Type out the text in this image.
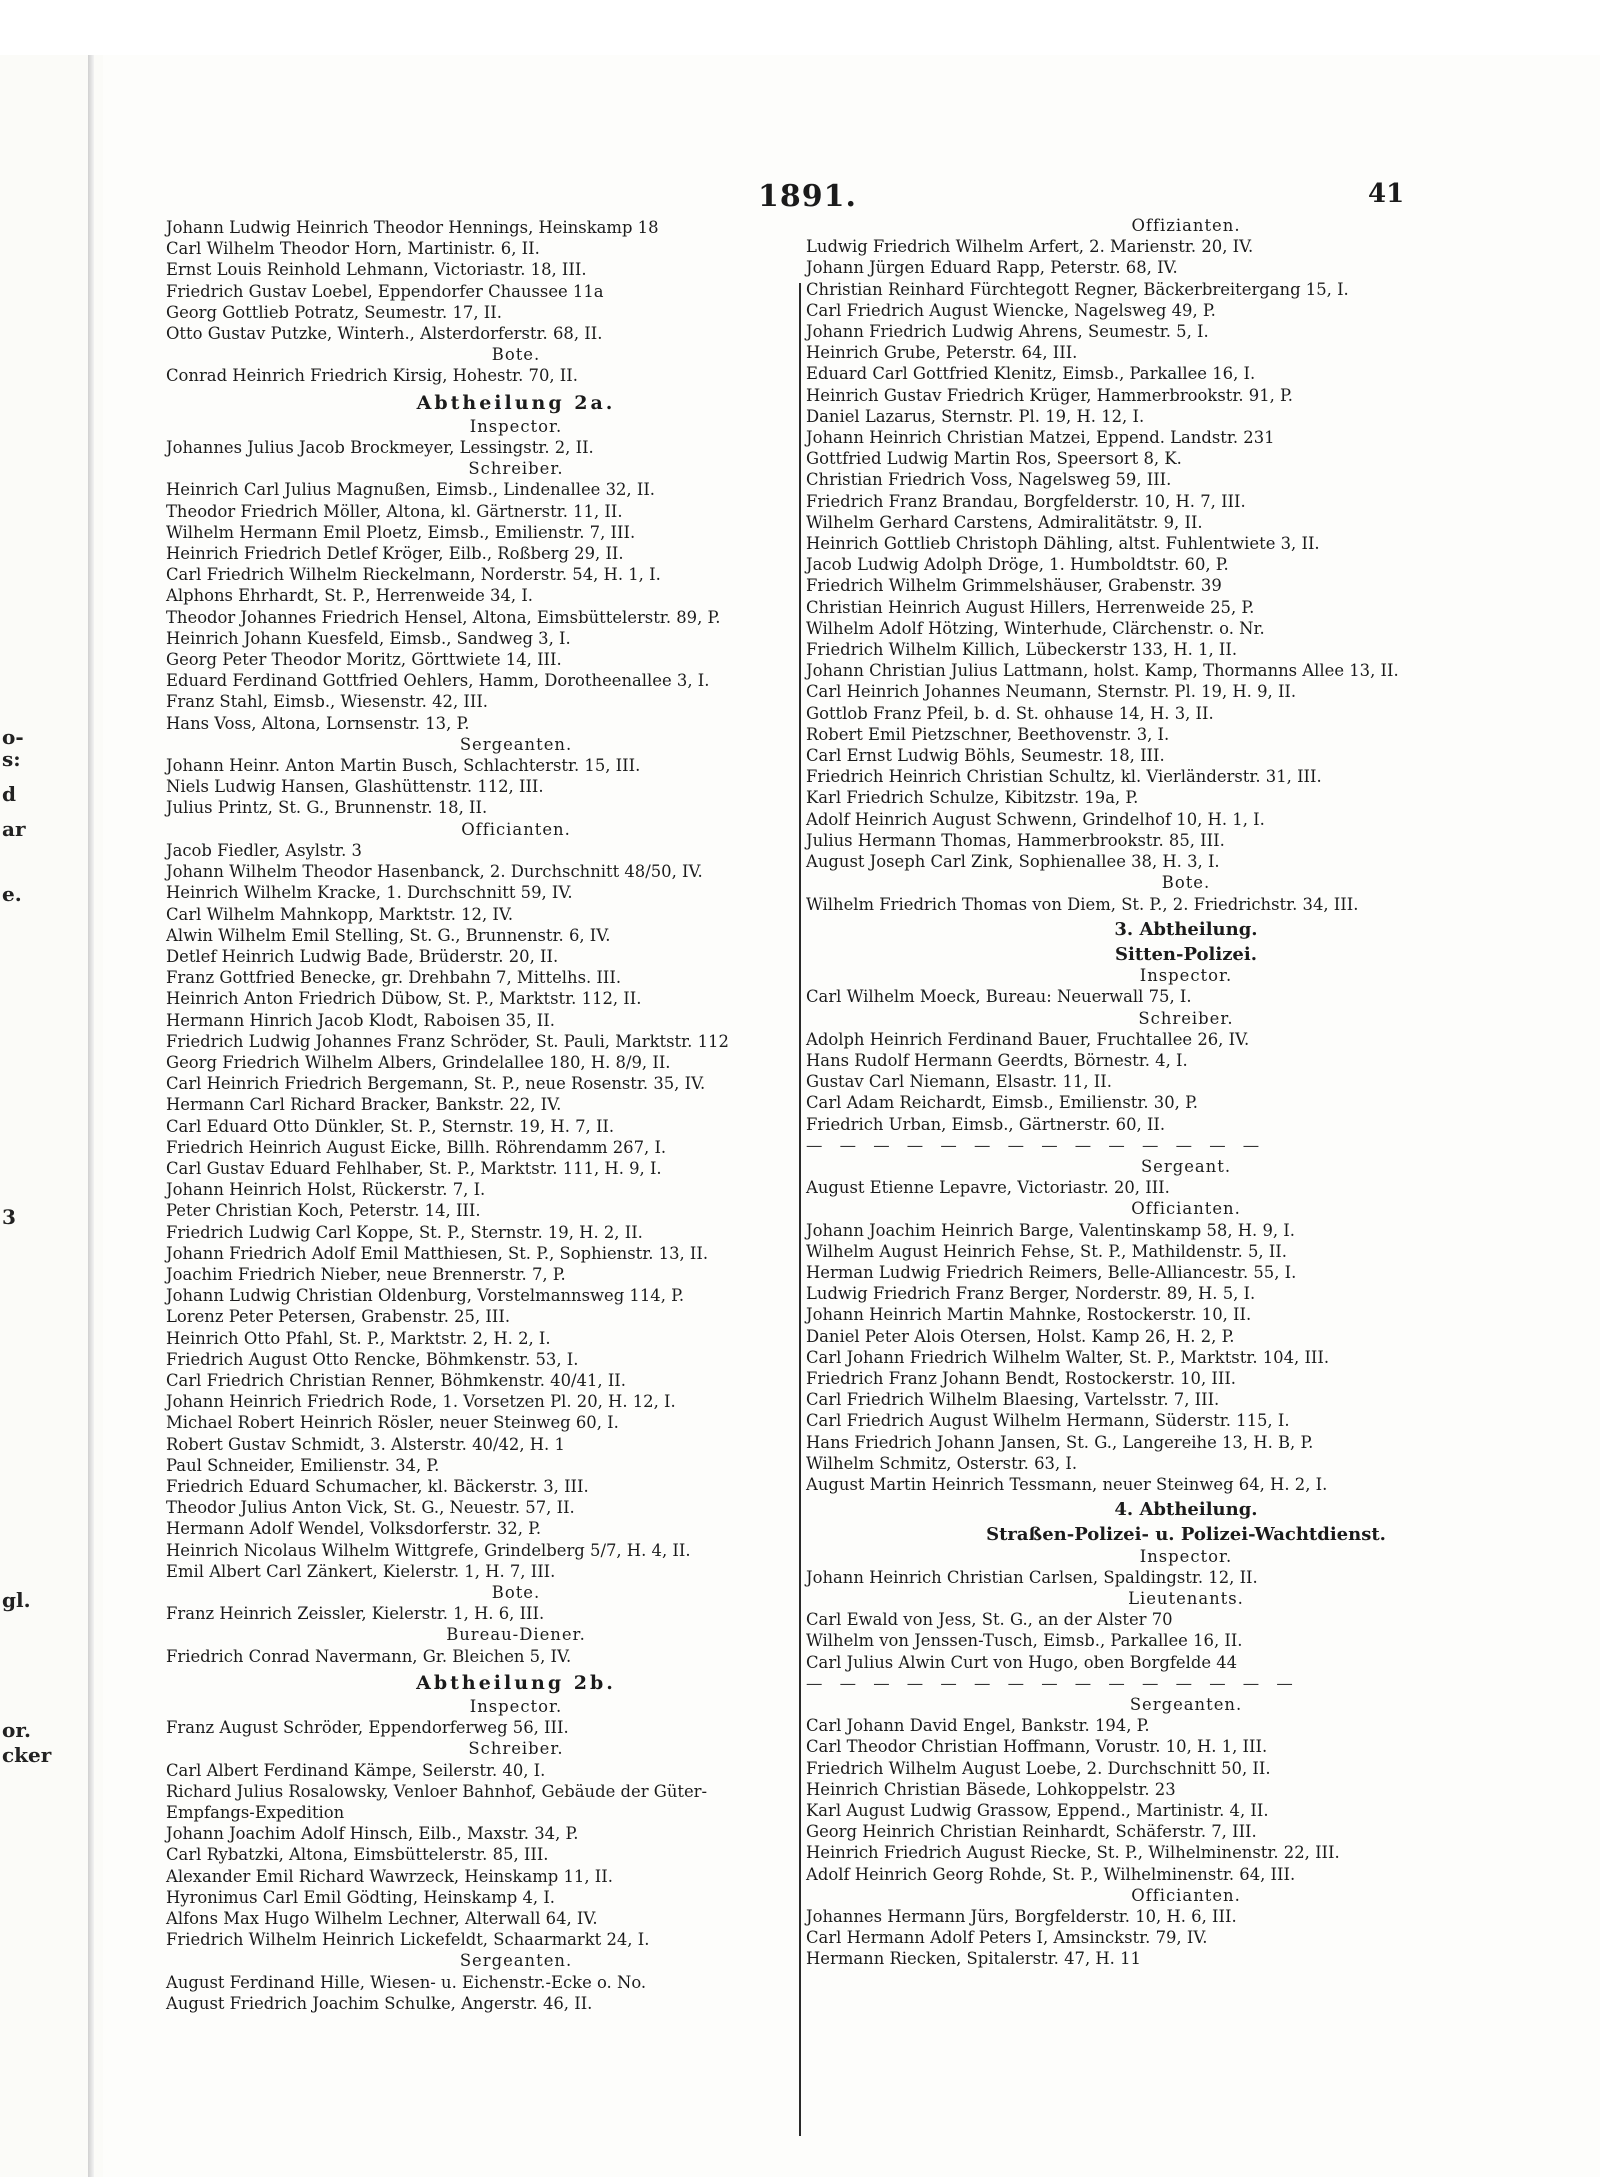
o-
s:
d
ar
e.
3
gl.
or.
cker
1891.	41
Johann Ludwig Heinrich Theodor Hennings, Heinskamp 18
Carl Wilhelm Theodor Horn, Martinistr. 6, II.
Ernst Louis Reinhold Lehmann, Victoriastr. 18, III.
Friedrich Gustav Loebel, Eppendorfer Chaussee 11a
Georg Gottlieb Potratz, Seumestr. 17, II.
Otto Gustav Putzke, Winterh., Alsterdorferstr. 68, II.
Bote.
Conrad Heinrich Friedrich Kirsig, Hohestr. 70, II.
Abtheilung 2a.
Inspector.
Johannes Julius Jacob Brockmeyer, Lessingstr. 2, II.
Schreiber.
Heinrich Carl Julius Magnußen, Eimsb., Lindenallee 32, II.
Theodor Friedrich Möller, Altona, kl. Gärtnerstr. 11, II.
Wilhelm Hermann Emil Ploetz, Eimsb., Emilienstr. 7, III.
Heinrich Friedrich Detlef Kröger, Eilb., Roßberg 29, II.
Carl Friedrich Wilhelm Rieckelmann, Norderstr. 54, H. 1, I.
Alphons Ehrhardt, St. P., Herrenweide 34, I.
Theodor Johannes Friedrich Hensel, Altona, Eimsbüttelerstr. 89, P.
Heinrich Johann Kuesfeld, Eimsb., Sandweg 3, I.
Georg Peter Theodor Moritz, Görttwiete 14, III.
Eduard Ferdinand Gottfried Oehlers, Hamm, Dorotheenallee 3, I.
Franz Stahl, Eimsb., Wiesenstr. 42, III.
Hans Voss, Altona, Lornsenstr. 13, P.
Sergeanten.
Johann Heinr. Anton Martin Busch, Schlachterstr. 15, III.
Niels Ludwig Hansen, Glashüttenstr. 112, III.
Julius Printz, St. G., Brunnenstr. 18, II.
Officianten.
Jacob Fiedler, Asylstr. 3
Johann Wilhelm Theodor Hasenbanck, 2. Durchschnitt 48/50, IV.
Heinrich Wilhelm Kracke, 1. Durchschnitt 59, IV.
Carl Wilhelm Mahnkopp, Marktstr. 12, IV.
Alwin Wilhelm Emil Stelling, St. G., Brunnenstr. 6, IV.
Detlef Heinrich Ludwig Bade, Brüderstr. 20, II.
Franz Gottfried Benecke, gr. Drehbahn 7, Mittelhs. III.
Heinrich Anton Friedrich Dübow, St. P., Marktstr. 112, II.
Hermann Hinrich Jacob Klodt, Raboisen 35, II.
Friedrich Ludwig Johannes Franz Schröder, St. Pauli, Marktstr. 112
Georg Friedrich Wilhelm Albers, Grindelallee 180, H. 8/9, II.
Carl Heinrich Friedrich Bergemann, St. P., neue Rosenstr. 35, IV.
Hermann Carl Richard Bracker, Bankstr. 22, IV.
Carl Eduard Otto Dünkler, St. P., Sternstr. 19, H. 7, II.
Friedrich Heinrich August Eicke, Billh. Röhrendamm 267, I.
Carl Gustav Eduard Fehlhaber, St. P., Marktstr. 111, H. 9, I.
Johann Heinrich Holst, Rückerstr. 7, I.
Peter Christian Koch, Peterstr. 14, III.
Friedrich Ludwig Carl Koppe, St. P., Sternstr. 19, H. 2, II.
Johann Friedrich Adolf Emil Matthiesen, St. P., Sophienstr. 13, II.
Joachim Friedrich Nieber, neue Brennerstr. 7, P.
Johann Ludwig Christian Oldenburg, Vorstelmannsweg 114, P.
Lorenz Peter Petersen, Grabenstr. 25, III.
Heinrich Otto Pfahl, St. P., Marktstr. 2, H. 2, I.
Friedrich August Otto Rencke, Böhmkenstr. 53, I.
Carl Friedrich Christian Renner, Böhmkenstr. 40/41, II.
Johann Heinrich Friedrich Rode, 1. Vorsetzen Pl. 20, H. 12, I.
Michael Robert Heinrich Rösler, neuer Steinweg 60, I.
Robert Gustav Schmidt, 3. Alsterstr. 40/42, H. 1
Paul Schneider, Emilienstr. 34, P.
Friedrich Eduard Schumacher, kl. Bäckerstr. 3, III.
Theodor Julius Anton Vick, St. G., Neuestr. 57, II.
Hermann Adolf Wendel, Volksdorferstr. 32, P.
Heinrich Nicolaus Wilhelm Wittgrefe, Grindelberg 5/7, H. 4, II.
Emil Albert Carl Zänkert, Kielerstr. 1, H. 7, III.
Bote.
Franz Heinrich Zeissler, Kielerstr. 1, H. 6, III.
Bureau-Diener.
Friedrich Conrad Navermann, Gr. Bleichen 5, IV.
Abtheilung 2b.
Inspector.
Franz August Schröder, Eppendorferweg 56, III.
Schreiber.
Carl Albert Ferdinand Kämpe, Seilerstr. 40, I.
Richard Julius Rosalowsky, Venloer Bahnhof, Gebäude der Güter-
Empfangs-Expedition
Johann Joachim Adolf Hinsch, Eilb., Maxstr. 34, P.
Carl Rybatzki, Altona, Eimsbüttelerstr. 85, III.
Alexander Emil Richard Wawrzeck, Heinskamp 11, II.
Hyronimus Carl Emil Gödting, Heinskamp 4, I.
Alfons Max Hugo Wilhelm Lechner, Alterwall 64, IV.
Friedrich Wilhelm Heinrich Lickefeldt, Schaarmarkt 24, I.
Sergeanten.
August Ferdinand Hille, Wiesen- u. Eichenstr.-Ecke o. No.
August Friedrich Joachim Schulke, Angerstr. 46, II.
Offizianten.
Ludwig Friedrich Wilhelm Arfert, 2. Marienstr. 20, IV.
Johann Jürgen Eduard Rapp, Peterstr. 68, IV.
Christian Reinhard Fürchtegott Regner, Bäckerbreitergang 15, I.
Carl Friedrich August Wiencke, Nagelsweg 49, P.
Johann Friedrich Ludwig Ahrens, Seumestr. 5, I.
Heinrich Grube, Peterstr. 64, III.
Eduard Carl Gottfried Klenitz, Eimsb., Parkallee 16, I.
Heinrich Gustav Friedrich Krüger, Hammerbrookstr. 91, P.
Daniel Lazarus, Sternstr. Pl. 19, H. 12, I.
Johann Heinrich Christian Matzei, Eppend. Landstr. 231
Gottfried Ludwig Martin Ros, Speersort 8, K.
Christian Friedrich Voss, Nagelsweg 59, III.
Friedrich Franz Brandau, Borgfelderstr. 10, H. 7, III.
Wilhelm Gerhard Carstens, Admiralitätstr. 9, II.
Heinrich Gottlieb Christoph Dähling, altst. Fuhlentwiete 3, II.
Jacob Ludwig Adolph Dröge, 1. Humboldtstr. 60, P.
Friedrich Wilhelm Grimmelshäuser, Grabenstr. 39
Christian Heinrich August Hillers, Herrenweide 25, P.
Wilhelm Adolf Hötzing, Winterhude, Clärchenstr. o. Nr.
Friedrich Wilhelm Killich, Lübeckerstr 133, H. 1, II.
Johann Christian Julius Lattmann, holst. Kamp, Thormanns Allee 13, II.
Carl Heinrich Johannes Neumann, Sternstr. Pl. 19, H. 9, II.
Gottlob Franz Pfeil, b. d. St. ohhause 14, H. 3, II.
Robert Emil Pietzschner, Beethovenstr. 3, I.
Carl Ernst Ludwig Böhls, Seumestr. 18, III.
Friedrich Heinrich Christian Schultz, kl. Vierländerstr. 31, III.
Karl Friedrich Schulze, Kibitzstr. 19a, P.
Adolf Heinrich August Schwenn, Grindelhof 10, H. 1, I.
Julius Hermann Thomas, Hammerbrookstr. 85, III.
August Joseph Carl Zink, Sophienallee 38, H. 3, I.
Bote.
Wilhelm Friedrich Thomas von Diem, St. P., 2. Friedrichstr. 34, III.
3. Abtheilung.
Sitten-Polizei.
Inspector.
Carl Wilhelm Moeck, Bureau: Neuerwall 75, I.
Schreiber.
Adolph Heinrich Ferdinand Bauer, Fruchtallee 26, IV.
Hans Rudolf Hermann Geerdts, Börnestr. 4, I.
Gustav Carl Niemann, Elsastr. 11, II.
Carl Adam Reichardt, Eimsb., Emilienstr. 30, P.
Friedrich Urban, Eimsb., Gärtnerstr. 60, II.
— — — — — — — — — — — — — —
Sergeant.
August Etienne Lepavre, Victoriastr. 20, III.
Officianten.
Johann Joachim Heinrich Barge, Valentinskamp 58, H. 9, I.
Wilhelm August Heinrich Fehse, St. P., Mathildenstr. 5, II.
Herman Ludwig Friedrich Reimers, Belle-Alliancestr. 55, I.
Ludwig Friedrich Franz Berger, Norderstr. 89, H. 5, I.
Johann Heinrich Martin Mahnke, Rostockerstr. 10, II.
Daniel Peter Alois Otersen, Holst. Kamp 26, H. 2, P.
Carl Johann Friedrich Wilhelm Walter, St. P., Marktstr. 104, III.
Friedrich Franz Johann Bendt, Rostockerstr. 10, III.
Carl Friedrich Wilhelm Blaesing, Vartelsstr. 7, III.
Carl Friedrich August Wilhelm Hermann, Süderstr. 115, I.
Hans Friedrich Johann Jansen, St. G., Langereihe 13, H. B, P.
Wilhelm Schmitz, Osterstr. 63, I.
August Martin Heinrich Tessmann, neuer Steinweg 64, H. 2, I.
4. Abtheilung.
Straßen-Polizei- u. Polizei-Wachtdienst.
Inspector.
Johann Heinrich Christian Carlsen, Spaldingstr. 12, II.
Lieutenants.
Carl Ewald von Jess, St. G., an der Alster 70
Wilhelm von Jenssen-Tusch, Eimsb., Parkallee 16, II.
Carl Julius Alwin Curt von Hugo, oben Borgfelde 44
— — — — — — — — — — — — — — —
Sergeanten.
Carl Johann David Engel, Bankstr. 194, P.
Carl Theodor Christian Hoffmann, Vorustr. 10, H. 1, III.
Friedrich Wilhelm August Loebe, 2. Durchschnitt 50, II.
Heinrich Christian Bäsede, Lohkoppelstr. 23
Karl August Ludwig Grassow, Eppend., Martinistr. 4, II.
Georg Heinrich Christian Reinhardt, Schäferstr. 7, III.
Heinrich Friedrich August Riecke, St. P., Wilhelminenstr. 22, III.
Adolf Heinrich Georg Rohde, St. P., Wilhelminenstr. 64, III.
Officianten.
Johannes Hermann Jürs, Borgfelderstr. 10, H. 6, III.
Carl Hermann Adolf Peters I, Amsinckstr. 79, IV.
Hermann Riecken, Spitalerstr. 47, H. 11
